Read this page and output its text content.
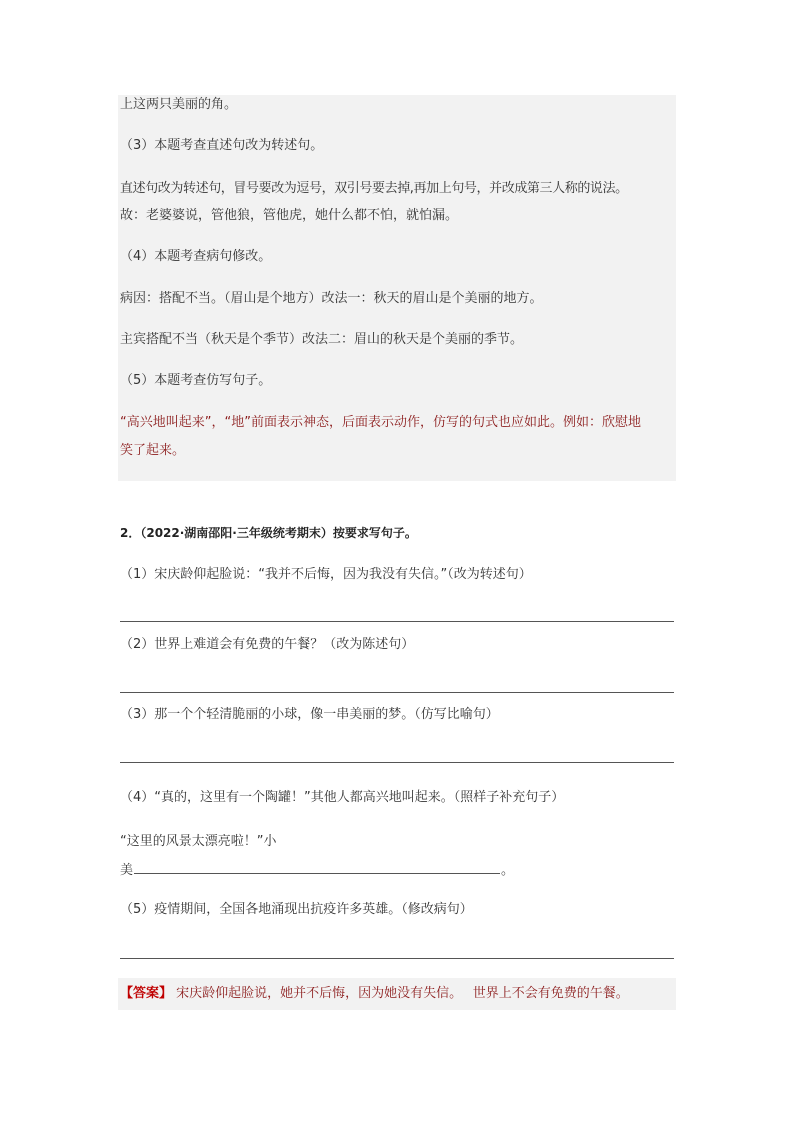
上这两只美丽的角。

（3）本题考查直述句改为转述句。

直述句改为转述句，冒号要改为逗号，双引号要去掉,再加上句号，并改成第三人称的说法。

故：老婆婆说，管他狼，管他虎，她什么都不怕，就怕漏。

（4）本题考查病句修改。

病因：搭配不当。（眉山是个地方）改法一：秋天的眉山是个美丽的地方。

主宾搭配不当（秋天是个季节）改法二：眉山的秋天是个美丽的季节。

（5）本题考查仿写句子。

“高兴地叫起来”，“地”前面表示神态，后面表示动作，仿写的句式也应如此。例如：欣慰地

笑了起来。

2．（2022·湖南邵阳·三年级统考期末）按要求写句子。

（1）宋庆龄仰起脸说：“我并不后悔，因为我没有失信。”（改为转述句）

（2）世界上难道会有免费的午餐？（改为陈述句）

（3）那一个个轻清脆丽的小球，像一串美丽的梦。（仿写比喻句）

（4）“真的，这里有一个陶罐！”其他人都高兴地叫起来。（照样子补充句子）

“这里的风景太漂亮啦！”小

美	。

（5）疫情期间，全国各地涌现出抗疫许多英雄。（修改病句）

【答案】 宋庆龄仰起脸说，她并不后悔，因为她没有失信。　 世界上不会有免费的午餐。
